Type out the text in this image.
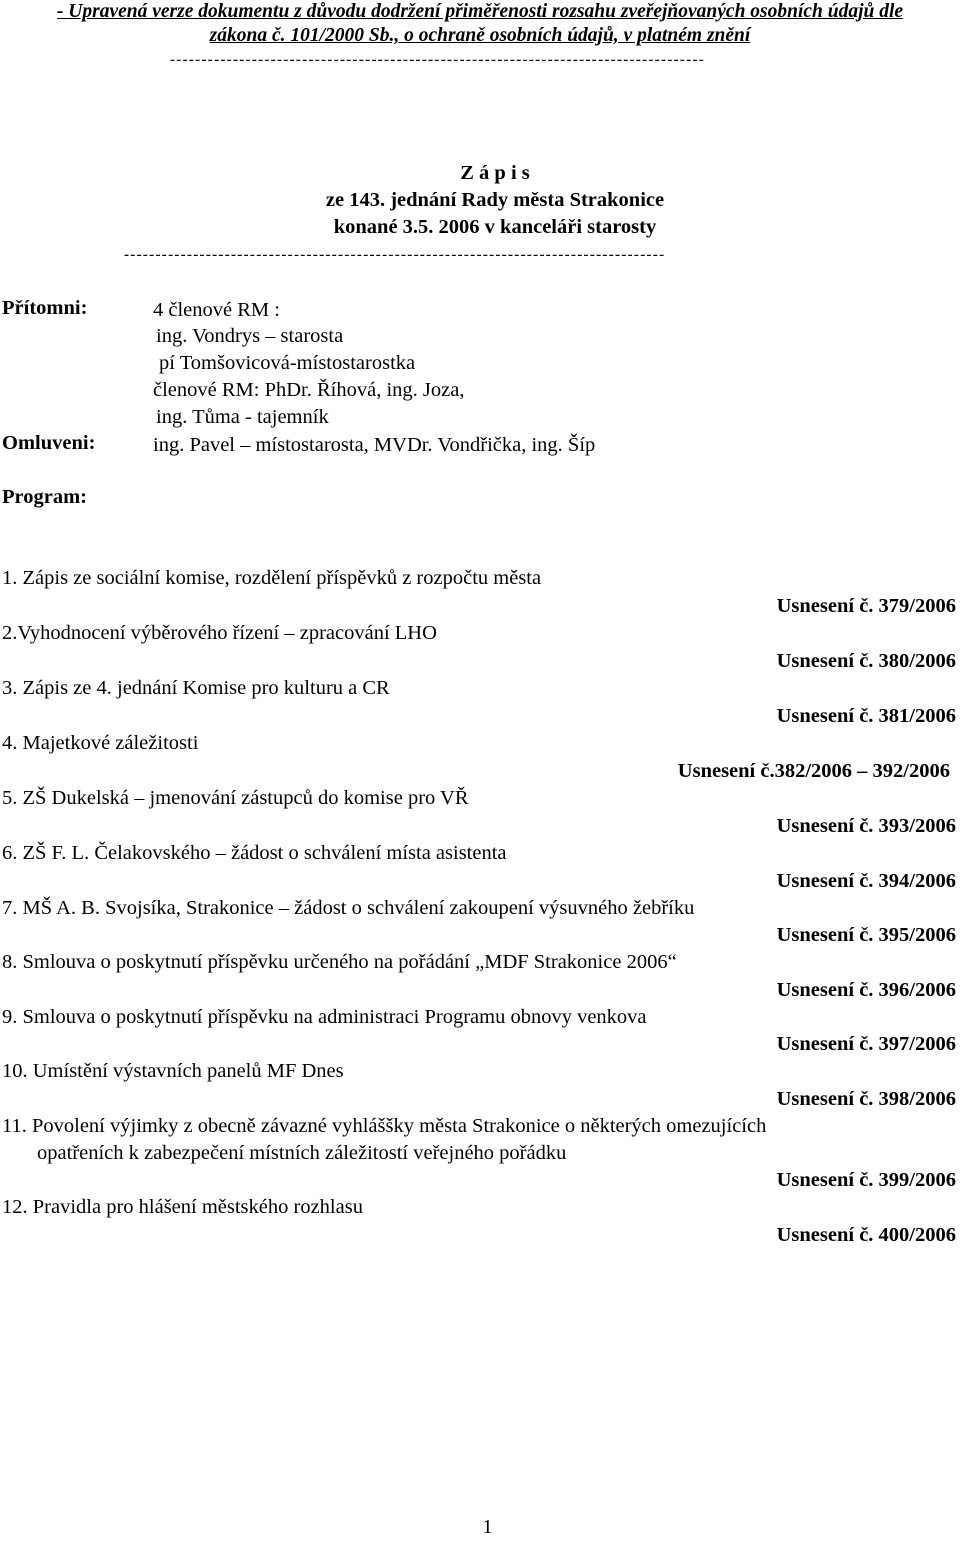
- Upravená verze dokumentu z důvodu dodržení přiměřenosti rozsahu zveřejňovaných osobních údajů dle
zákona č. 101/2000 Sb., o ochraně osobních údajů, v platném znění
-------------------------------------------------------------------------------------
Z á p i s
ze 143. jednání Rady města Strakonice
konané 3.5. 2006 v kanceláři starosty
--------------------------------------------------------------------------------------
Přítomni:	4 členové RM :
ing. Vondrys – starosta
pí Tomšovicová-místostarostka
členové RM: PhDr. Říhová, ing. Joza,
ing. Tůma - tajemník
Omluveni:	ing. Pavel – místostarosta, MVDr. Vondřička, ing. Šíp
Program:
1. Zápis ze sociální komise, rozdělení příspěvků z rozpočtu města
Usnesení č. 379/2006
2.Vyhodnocení výběrového řízení – zpracování LHO
Usnesení č. 380/2006
3. Zápis ze 4. jednání Komise pro kulturu a CR
Usnesení č. 381/2006
4. Majetkové záležitosti
Usnesení č.382/2006 – 392/2006
5. ZŠ Dukelská – jmenování zástupců do komise pro VŘ
Usnesení č. 393/2006
6. ZŠ F. L. Čelakovského – žádost o schválení místa asistenta
Usnesení č. 394/2006
7. MŠ A. B. Svojsíka, Strakonice – žádost o schválení zakoupení výsuvného žebříku
Usnesení č. 395/2006
8. Smlouva o poskytnutí příspěvku určeného na pořádání „MDF Strakonice 2006“
Usnesení č. 396/2006
9. Smlouva o poskytnutí příspěvku na administraci Programu obnovy venkova
Usnesení č. 397/2006
10. Umístění výstavních panelů MF Dnes
Usnesení č. 398/2006
11. Povolení výjimky z obecně závazné vyhláššky města Strakonice o některých omezujících
opatřeních k zabezpečení místních záležitostí veřejného pořádku
Usnesení č. 399/2006
12. Pravidla pro hlášení městského rozhlasu
Usnesení č. 400/2006
1
